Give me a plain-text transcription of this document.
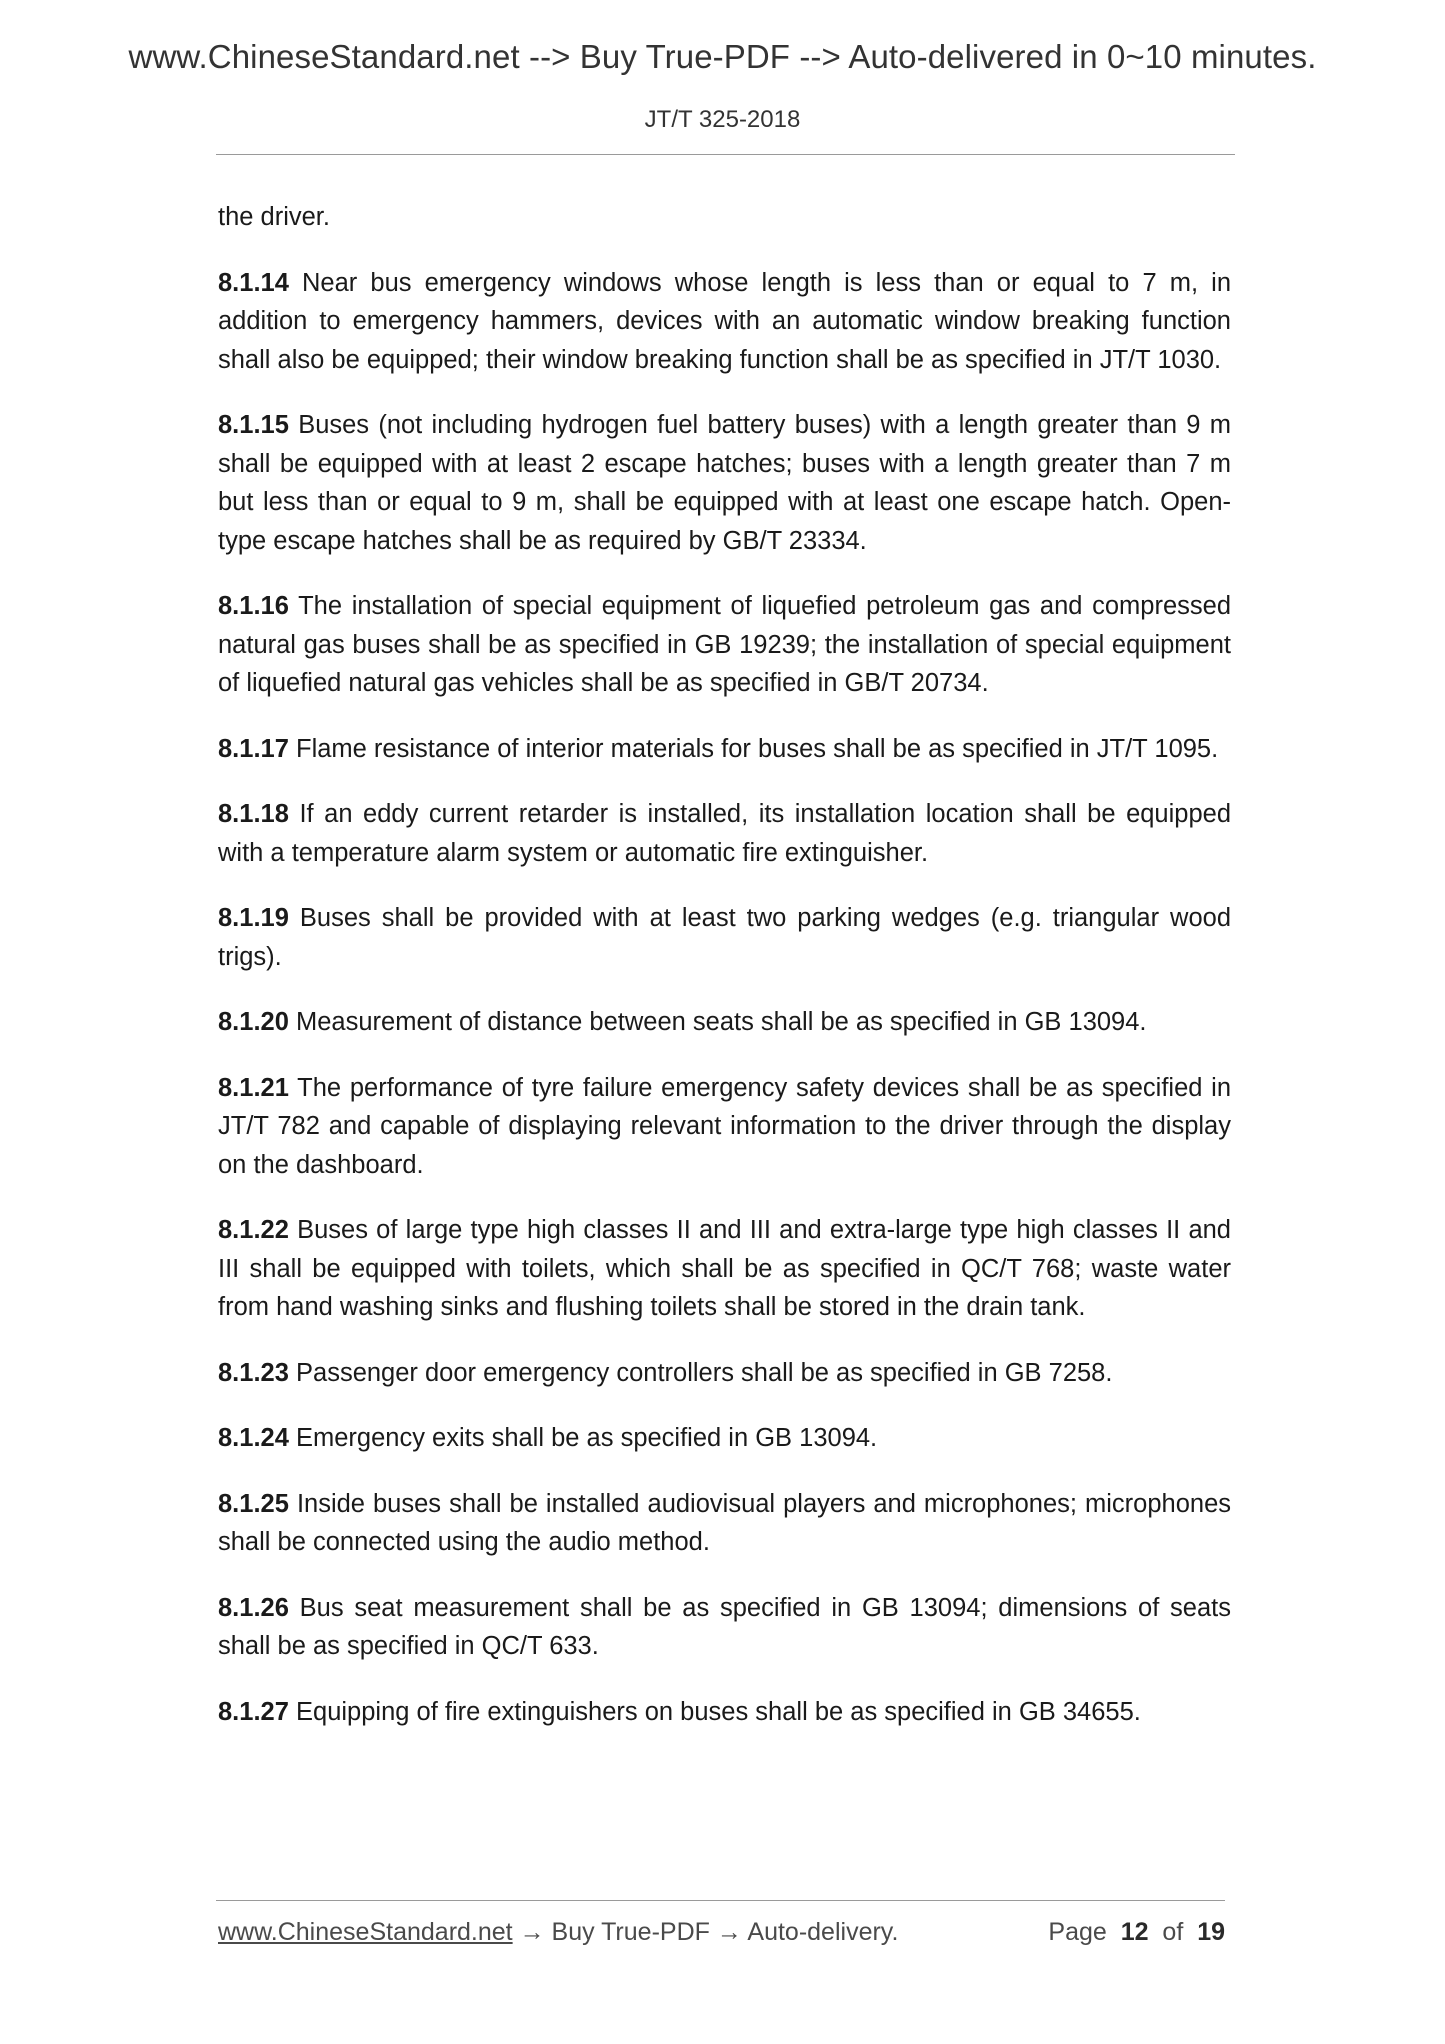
www.ChineseStandard.net --> Buy True-PDF --> Auto-delivered in 0~10 minutes.
JT/T 325-2018

the driver.

8.1.14 Near bus emergency windows whose length is less than or equal to 7 m, in addition to emergency hammers, devices with an automatic window breaking function shall also be equipped; their window breaking function shall be as specified in JT/T 1030.

8.1.15 Buses (not including hydrogen fuel battery buses) with a length greater than 9 m shall be equipped with at least 2 escape hatches; buses with a length greater than 7 m but less than or equal to 9 m, shall be equipped with at least one escape hatch. Open-type escape hatches shall be as required by GB/T 23334.

8.1.16 The installation of special equipment of liquefied petroleum gas and compressed natural gas buses shall be as specified in GB 19239; the installation of special equipment of liquefied natural gas vehicles shall be as specified in GB/T 20734.

8.1.17 Flame resistance of interior materials for buses shall be as specified in JT/T 1095.

8.1.18 If an eddy current retarder is installed, its installation location shall be equipped with a temperature alarm system or automatic fire extinguisher.

8.1.19 Buses shall be provided with at least two parking wedges (e.g. triangular wood trigs).

8.1.20 Measurement of distance between seats shall be as specified in GB 13094.

8.1.21 The performance of tyre failure emergency safety devices shall be as specified in JT/T 782 and capable of displaying relevant information to the driver through the display on the dashboard.

8.1.22 Buses of large type high classes II and III and extra-large type high classes II and III shall be equipped with toilets, which shall be as specified in QC/T 768; waste water from hand washing sinks and flushing toilets shall be stored in the drain tank.

8.1.23 Passenger door emergency controllers shall be as specified in GB 7258.

8.1.24 Emergency exits shall be as specified in GB 13094.

8.1.25 Inside buses shall be installed audiovisual players and microphones; microphones shall be connected using the audio method.

8.1.26 Bus seat measurement shall be as specified in GB 13094; dimensions of seats shall be as specified in QC/T 633.

8.1.27 Equipping of fire extinguishers on buses shall be as specified in GB 34655.

www.ChineseStandard.net → Buy True-PDF → Auto-delivery.	Page 12 of 19
